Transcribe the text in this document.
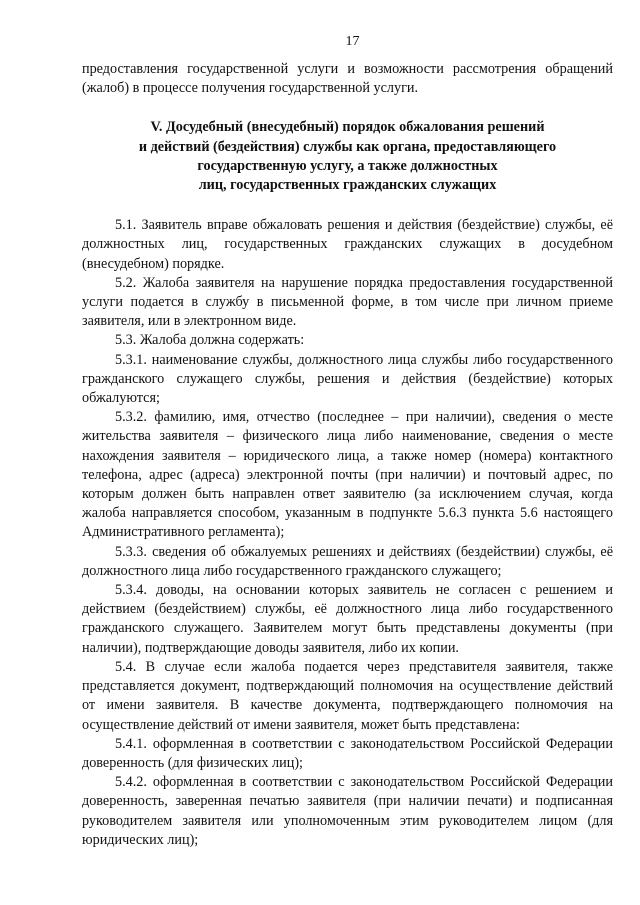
17

предоставления государственной услуги и возможности рассмотрения обращений (жалоб) в процессе получения государственной услуги.

V. Досудебный (внесудебный) порядок обжалования решений
и действий (бездействия) службы как органа, предоставляющего
государственную услугу, а также должностных
лиц, государственных гражданских служащих

5.1. Заявитель вправе обжаловать решения и действия (бездействие) службы, её должностных лиц, государственных гражданских служащих в досудебном (внесудебном) порядке.

5.2. Жалоба заявителя на нарушение порядка предоставления государственной услуги подается в службу в письменной форме, в том числе при личном приеме заявителя, или в электронном виде.

5.3. Жалоба должна содержать:

5.3.1. наименование службы, должностного лица службы либо государственного гражданского служащего службы, решения и действия (бездействие) которых обжалуются;

5.3.2. фамилию, имя, отчество (последнее – при наличии), сведения о месте жительства заявителя – физического лица либо наименование, сведения о месте нахождения заявителя – юридического лица, а также номер (номера) контактного телефона, адрес (адреса) электронной почты (при наличии) и почтовый адрес, по которым должен быть направлен ответ заявителю (за исключением случая, когда жалоба направляется способом, указанным в подпункте 5.6.3 пункта 5.6 настоящего Административного регламента);

5.3.3. сведения об обжалуемых решениях и действиях (бездействии) службы, её должностного лица либо государственного гражданского служащего;

5.3.4. доводы, на основании которых заявитель не согласен с решением и действием (бездействием) службы, её должностного лица либо государственного гражданского служащего. Заявителем могут быть представлены документы (при наличии), подтверждающие доводы заявителя, либо их копии.

5.4. В случае если жалоба подается через представителя заявителя, также представляется документ, подтверждающий полномочия на осуществление действий от имени заявителя. В качестве документа, подтверждающего полномочия на осуществление действий от имени заявителя, может быть представлена:

5.4.1. оформленная в соответствии с законодательством Российской Федерации доверенность (для физических лиц);

5.4.2. оформленная в соответствии с законодательством Российской Федерации доверенность, заверенная печатью заявителя (при наличии печати) и подписанная руководителем заявителя или уполномоченным этим руководителем лицом (для юридических лиц);
